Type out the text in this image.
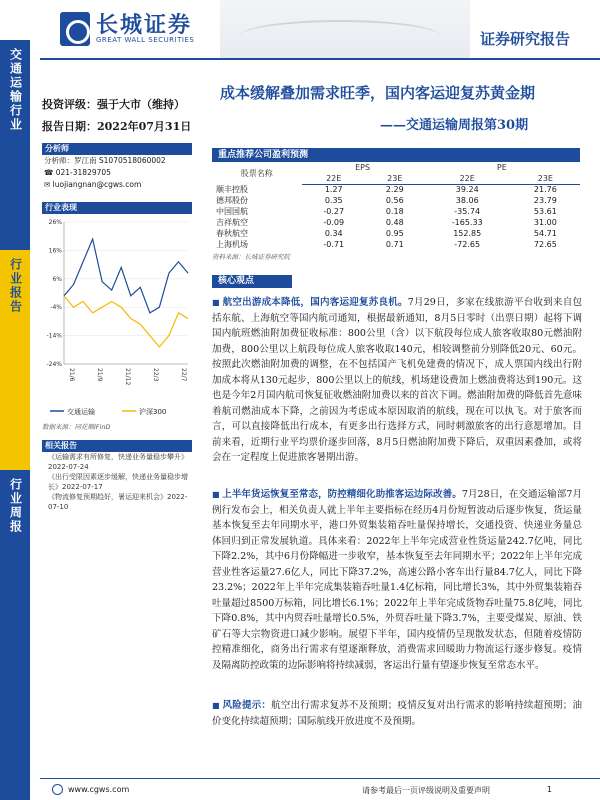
长城证券
GREAT WALL SECURITIES	证券研究报告
交通运输行业
行业报告
行业周报
投资评级：强于大市（维持）
报告日期：2022年07月31日
成本缓解叠加需求旺季，国内客运迎复苏黄金期
——交通运输周报第30期
分析师
分析师：罗江南 S1070518060002
☎ 021-31829705
✉ luojiangnan@cgws.com
行业表现
26%
16%
6%
-4%
-14%
-24%
21/6	21/9	21/12	22/3	22/7
交通运输	沪深300
数据来源：同花顺iFinD
相关报告
《运输需求有所修复，快递业务量稳步攀升》2022-07-24
《出行受限因素逐步缓解，快递业务量稳步增长》2022-07-17
《物流修复预期趋好，暑运迎来机会》2022-07-10
重点推荐公司盈利预测
股票名称	EPS		PE	
	22E	23E	22E	23E
顺丰控股	1.27	2.29	39.24	21.76
德邦股份	0.35	0.56	38.06	23.79
中国国航	-0.27	0.18	-35.74	53.61
吉祥航空	-0.09	0.48	-165.33	31.00
春秋航空	0.34	0.95	152.85	54.71
上海机场	-0.71	0.71	-72.65	72.65
资料来源：长城证券研究院
核心观点
■ 航空出游成本降低，国内客运迎复苏良机。7月29日，多家在线旅游平台收到来自包括东航、上海航空等国内航司通知，根据最新通知，8月5日零时（出票日期）起将下调国内航班燃油附加费征收标准：800公里（含）以下航段每位成人旅客收取80元燃油附加费，800公里以上航段每位成人旅客收取140元，相较调整前分别降低20元、60元。按照此次燃油附加费的调整，在不包括国产飞机免建费的情况下，成人票国内线出行附加成本将从130元起步，800公里以上的航线，机场建设费加上燃油费将达到190元。这也是今年2月国内航司恢复征收燃油附加费以来的首次下调。燃油附加费的降低首先意味着航司燃油成本下降，之前因为考虑成本原因取消的航线，现在可以执飞。对于旅客而言，可以直接降低出行成本，有更多出行选择方式，同时刺激旅客的出行意愿增加。目前来看，近期行业平均票价逐步回落，8月5日燃油附加费下降后，双重因素叠加，或将会在一定程度上促进旅客暑期出游。
■ 上半年货运恢复至常态，防控精细化助推客运边际改善。7月28日，在交通运输部7月例行发布会上，相关负责人就上半年主要指标在经历4月份短暂波动后逐步恢复，货运量基本恢复至去年同期水平，港口外贸集装箱吞吐量保持增长，交通投资、快递业务量总体回归到正常发展轨道。具体来看：2022年上半年完成营业性货运量242.7亿吨，同比下降2.2%，其中6月份降幅进一步收窄，基本恢复至去年同期水平；2022年上半年完成营业性客运量27.6亿人，同比下降37.2%，高速公路小客车出行量84.7亿人，同比下降23.2%；2022年上半年完成集装箱吞吐量1.4亿标箱，同比增长3%，其中外贸集装箱吞吐量超过8500万标箱，同比增长6.1%；2022年上半年完成货物吞吐量75.8亿吨，同比下降0.8%，其中内贸吞吐量增长0.5%，外贸吞吐量下降3.7%，主要受煤炭、原油、铁矿石等大宗物资进口减少影响。展望下半年，国内疫情仍呈现散发状态，但随着疫情防控精准细化，商务出行需求有望逐渐释放，消费需求回暖助力物流运行逐步修复。疫情及隔离防控政策的边际影响将持续减弱，客运出行量有望逐步恢复至常态水平。
■ 风险提示：航空出行需求复苏不及预期；疫情反复对出行需求的影响持续超预期；油价变化持续超预期；国际航线开放进度不及预期。
www.cgws.com	请参考最后一页评级说明及重要声明	1
